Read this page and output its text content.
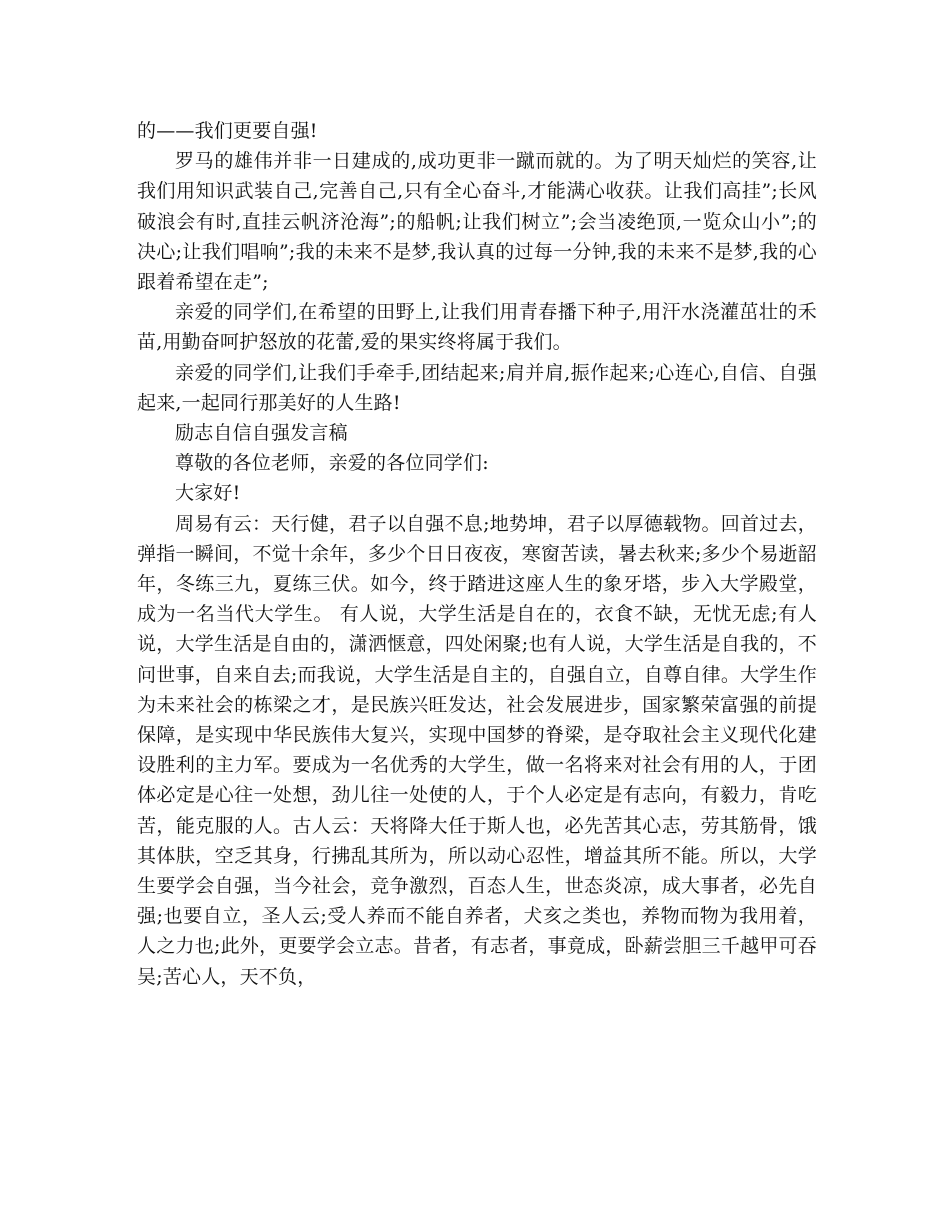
的——我们更要自强!

罗马的雄伟并非一日建成的,成功更非一蹴而就的。为了明天灿烂的笑容,让我们用知识武装自己,完善自己,只有全心奋斗,才能满心收获。让我们高挂”;长风破浪会有时,直挂云帆济沧海”;的船帆;让我们树立”;会当凌绝顶,一览众山小”;的决心;让我们唱响”;我的未来不是梦,我认真的过每一分钟,我的未来不是梦,我的心跟着希望在走”;

亲爱的同学们,在希望的田野上,让我们用青春播下种子,用汗水浇灌茁壮的禾苗,用勤奋呵护怒放的花蕾,爱的果实终将属于我们。

亲爱的同学们,让我们手牵手,团结起来;肩并肩,振作起来;心连心,自信、自强起来,一起同行那美好的人生路!

励志自信自强发言稿

尊敬的各位老师，亲爱的各位同学们:

大家好!

周易有云：天行健，君子以自强不息;地势坤，君子以厚德载物。回首过去，弹指一瞬间，不觉十余年，多少个日日夜夜，寒窗苦读，暑去秋来;多少个易逝韶年，冬练三九，夏练三伏。如今，终于踏进这座人生的象牙塔，步入大学殿堂，成为一名当代大学生。 有人说，大学生活是自在的，衣食不缺，无忧无虑;有人说，大学生活是自由的，潇洒惬意，四处闲聚;也有人说，大学生活是自我的，不问世事，自来自去;而我说，大学生活是自主的，自强自立，自尊自律。大学生作为未来社会的栋梁之才，是民族兴旺发达，社会发展进步，国家繁荣富强的前提保障，是实现中华民族伟大复兴，实现中国梦的脊梁，是夺取社会主义现代化建设胜利的主力军。要成为一名优秀的大学生，做一名将来对社会有用的人，于团体必定是心往一处想，劲儿往一处使的人，于个人必定是有志向，有毅力，肯吃苦，能克服的人。古人云：天将降大任于斯人也，必先苦其心志，劳其筋骨，饿其体肤，空乏其身，行拂乱其所为，所以动心忍性，增益其所不能。所以，大学生要学会自强，当今社会，竞争激烈，百态人生，世态炎凉，成大事者，必先自强;也要自立，圣人云;受人养而不能自养者，犬亥之类也，养物而物为我用着，人之力也;此外，更要学会立志。昔者，有志者，事竟成，卧薪尝胆三千越甲可吞吴;苦心人，天不负，
